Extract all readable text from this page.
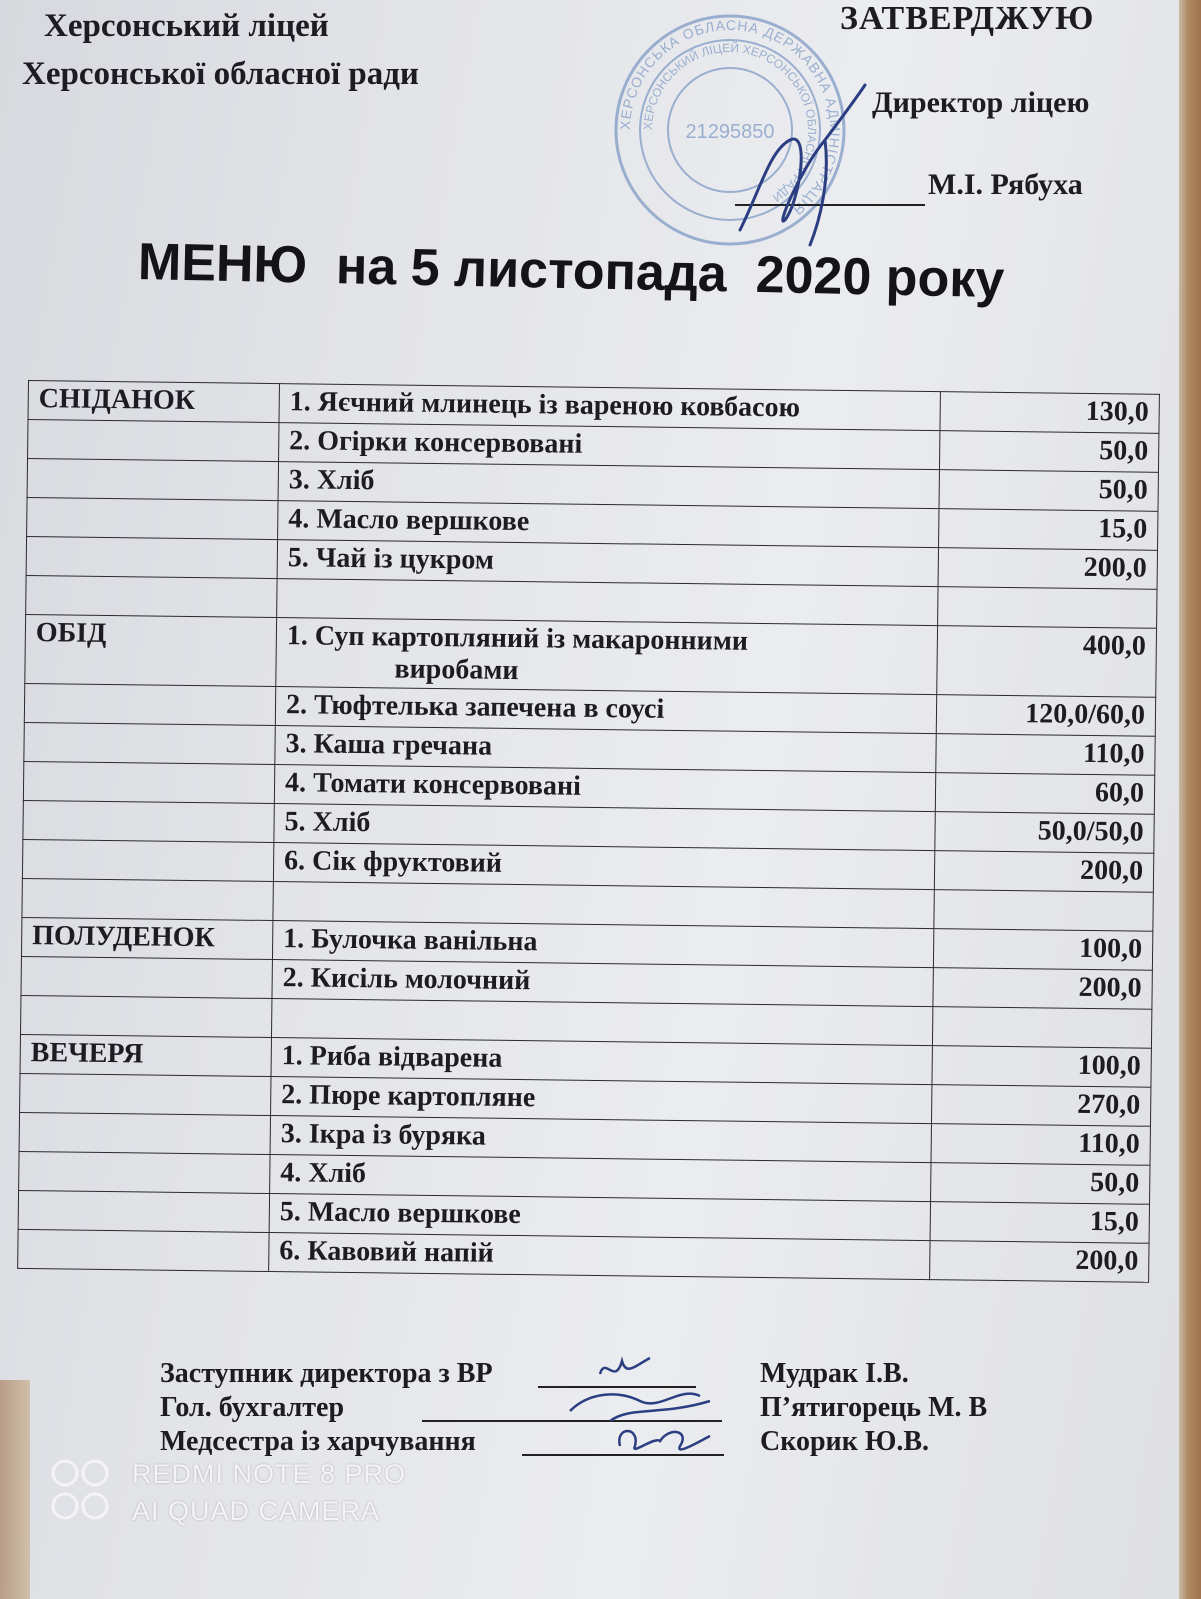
Херсонський ліцей
Херсонської обласної ради
ХЕРСОНСЬКА ОБЛАСНА ДЕРЖАВНА АДМІНІСТРАЦІЯ
ХЕРСОНСЬКИЙ ЛІЦЕЙ ХЕРСОНСЬКОЇ ОБЛАСНОЇ РАДИ
21295850
ЗАТВЕРДЖУЮ
Директор ліцею
М.І. Рябуха
МЕНЮ  на 5 листопада  2020 року
СНІДАНОК	1. Яєчний млинець із вареною ковбасою	130,0
	2. Огірки консервовані	50,0
	3. Хліб	50,0
	4. Масло вершкове	15,0
	5. Чай із цукром	200,0

ОБІД	1. Суп картопляний із макаронними
виробами	400,0
	2. Тюфтелька запечена в соусі	120,0/60,0
	3. Каша гречана	110,0
	4. Томати консервовані	60,0
	5. Хліб	50,0/50,0
	6. Сік фруктовий	200,0

ПОЛУДЕНОК	1. Булочка ванільна	100,0
	2. Кисіль молочний	200,0

ВЕЧЕРЯ	1. Риба відварена	100,0
	2. Пюре картопляне	270,0
	3. Ікра із буряка	110,0
	4. Хліб	50,0
	5. Масло вершкове	15,0
	6. Кавовий напій	200,0
Заступник директора з ВР	Мудрак І.В.
Гол. бухгалтер	П’ятигорець М. В
Медсестра із харчування	Скорик Ю.В.
REDMI NOTE 8 PRO
AI QUAD CAMERA
